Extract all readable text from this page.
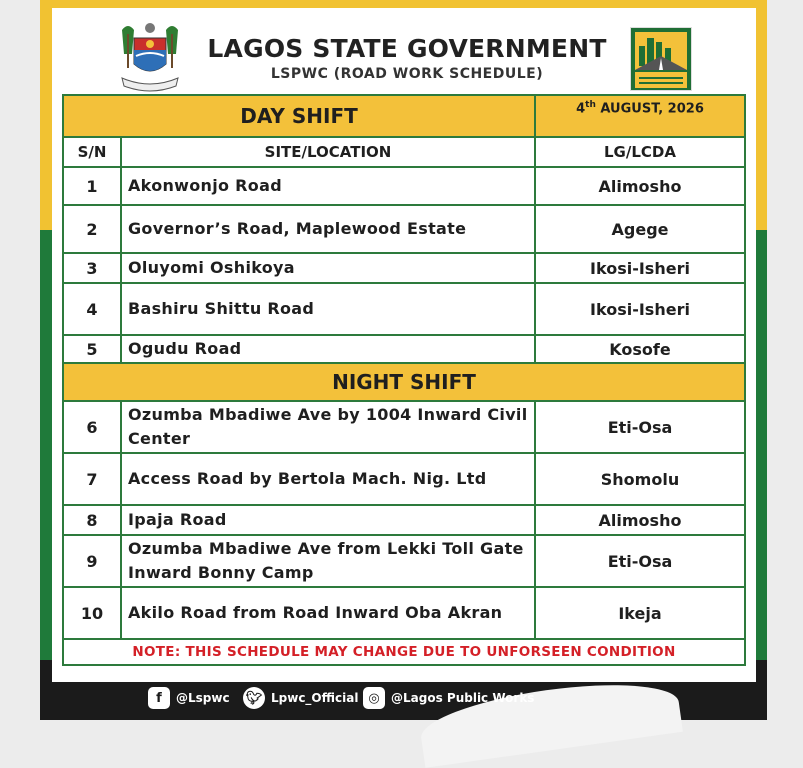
LAGOS STATE GOVERNMENT
LSPWC (ROAD WORK SCHEDULE)
DAY SHIFT		4th AUGUST, 2026
S/N	SITE/LOCATION	LG/LCDA
1	Akonwonjo Road	Alimosho
2	Governor’s Road, Maplewood Estate	Agege
3	Oluyomi Oshikoya	Ikosi-Isheri
4	Bashiru Shittu Road	Ikosi-Isheri
5	Ogudu Road	Kosofe
NIGHT SHIFT		
6	Ozumba Mbadiwe Ave by 1004 Inward Civil Center	Eti-Osa
7	Access Road by Bertola Mach. Nig. Ltd	Shomolu
8	Ipaja Road	Alimosho
9	Ozumba Mbadiwe Ave from Lekki Toll Gate Inward Bonny Camp	Eti-Osa
10	Akilo Road from Road Inward Oba Akran	Ikeja
NOTE: THIS SCHEDULE MAY CHANGE DUE TO UNFORSEEN CONDITION		
f	@Lspwc 🐦︎ Lpwc_Official ◎ @Lagos Public Works
